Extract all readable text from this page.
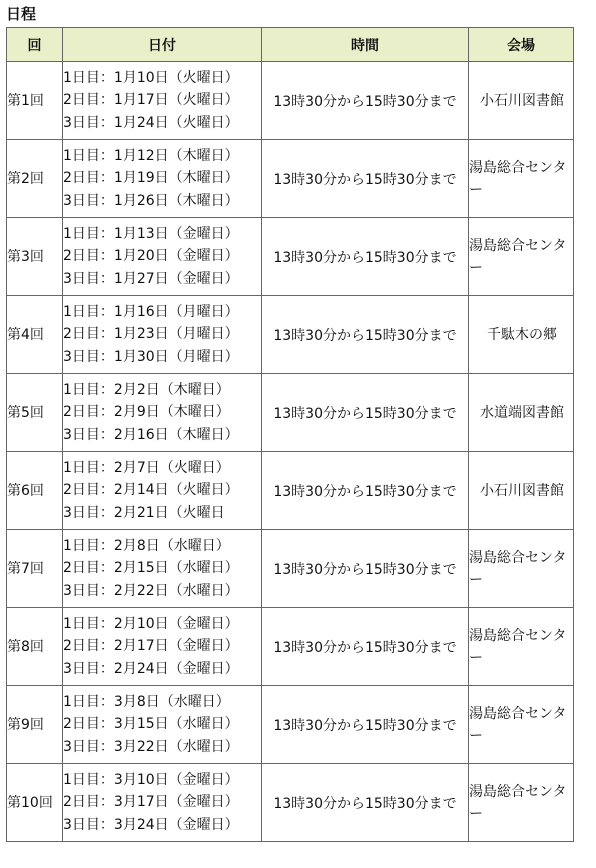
日程
回	日付	時間	会場
第1回	1日目：1月10日（火曜日）
2日目：1月17日（火曜日）
3日目：1月24日（火曜日）	13時30分から15時30分まで	小石川図書館
第2回	1日目：1月12日（木曜日）
2日目：1月19日（木曜日）
3日目：1月26日（木曜日）	13時30分から15時30分まで	湯島総合センター
第3回	1日目：1月13日（金曜日）
2日目：1月20日（金曜日）
3日目：1月27日（金曜日）	13時30分から15時30分まで	湯島総合センター
第4回	1日目：1月16日（月曜日）
2日目：1月23日（月曜日）
3日目：1月30日（月曜日）	13時30分から15時30分まで	千駄木の郷
第5回	1日目：2月2日（木曜日）
2日目：2月9日（木曜日）
3日目：2月16日（木曜日）	13時30分から15時30分まで	水道端図書館
第6回	1日目：2月7日（火曜日）
2日目：2月14日（火曜日）
3日目：2月21日（火曜日	13時30分から15時30分まで	小石川図書館
第7回	1日目：2月8日（水曜日）
2日目：2月15日（水曜日）
3日目：2月22日（水曜日）	13時30分から15時30分まで	湯島総合センター
第8回	1日目：2月10日（金曜日）
2日目：2月17日（金曜日）
3日目：2月24日（金曜日）	13時30分から15時30分まで	湯島総合センター
第9回	1日目：3月8日（水曜日）
2日目：3月15日（水曜日）
3日目：3月22日（水曜日）	13時30分から15時30分まで	湯島総合センター
第10回	1日目：3月10日（金曜日）
2日目：3月17日（金曜日）
3日目：3月24日（金曜日）	13時30分から15時30分まで	湯島総合センター
